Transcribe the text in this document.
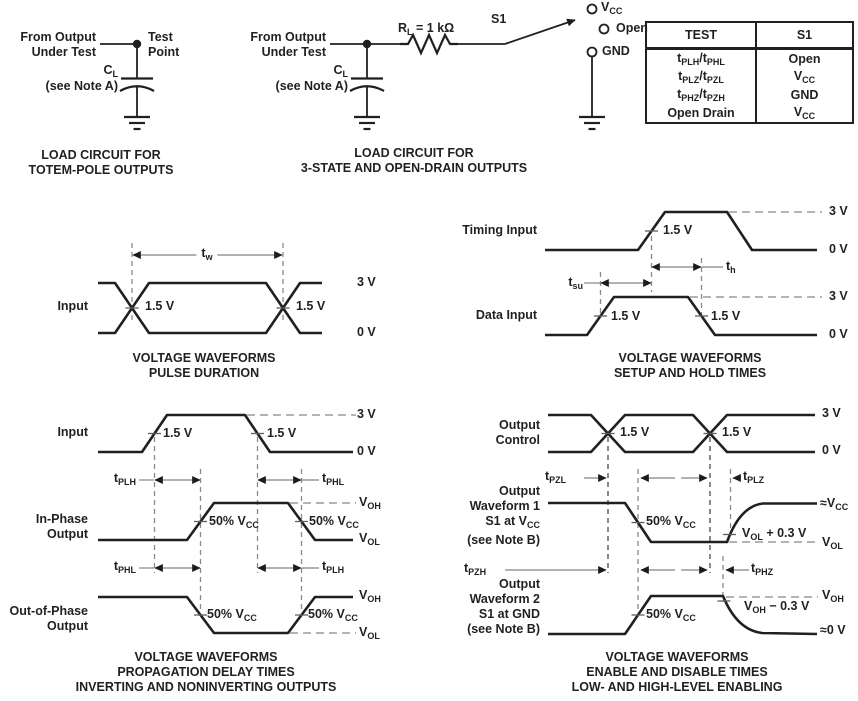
TEST	S1
$t_{PLH}/t_{PHL}$	Open
$t_{PLZ}/t_{PZL}$	$V_{CC}$
$t_{PHZ}/t_{PZH}$	GND
Open Drain	$V_{CC}$
From Output
Under Test
Test
Point
$C_L$
(see Note A)
LOAD CIRCUIT FOR
TOTEM-POLE OUTPUTS
From Output
Under Test
$C_L$
(see Note A)
$R_L = 1$ kΩ
S1
$V_{CC}$
Open
GND
LOAD CIRCUIT FOR
3-STATE AND OPEN-DRAIN OUTPUTS
Input	1.5 V	1.5 V
$t_w$
3 V
0 V
VOLTAGE WAVEFORMS
PULSE DURATION
Timing Input	1.5 V
3 V
0 V
$t_h$
$t_{su}$
Data Input	1.5 V	1.5 V
3 V
0 V
VOLTAGE WAVEFORMS
SETUP AND HOLD TIMES
Input	1.5 V	1.5 V
3 V
0 V
$t_{PLH}$	$t_{PHL}$
In-Phase
Output
50% $V_{CC}$	50% $V_{CC}$
$V_{OH}$
$V_{OL}$
$t_{PHL}$	$t_{PLH}$
Out-of-Phase
Output
50% $V_{CC}$	50% $V_{CC}$
$V_{OH}$
$V_{OL}$
VOLTAGE WAVEFORMS
PROPAGATION DELAY TIMES
INVERTING AND NONINVERTING OUTPUTS
Output
Control
1.5 V	1.5 V
3 V
0 V
$t_{PZL}$	$t_{PLZ}$
Output
Waveform 1
S1 at $V_{CC}$
(see Note B)
50% $V_{CC}$
$V_{OL} + 0.3$ V
$\approx V_{CC}$
$V_{OL}$
$t_{PZH}$	$t_{PHZ}$
Output
Waveform 2
S1 at GND
(see Note B)
50% $V_{CC}$
$V_{OH} - 0.3$ V
$V_{OH}$
≈0 V
VOLTAGE WAVEFORMS
ENABLE AND DISABLE TIMES
LOW- AND HIGH-LEVEL ENABLING
